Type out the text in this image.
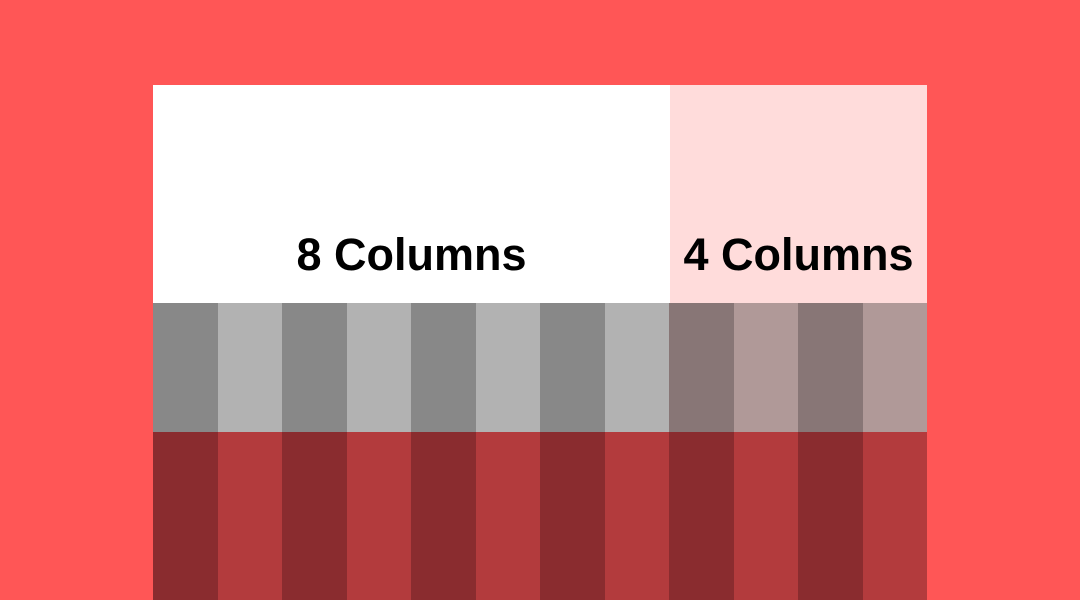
8 Columns	4 Columns
